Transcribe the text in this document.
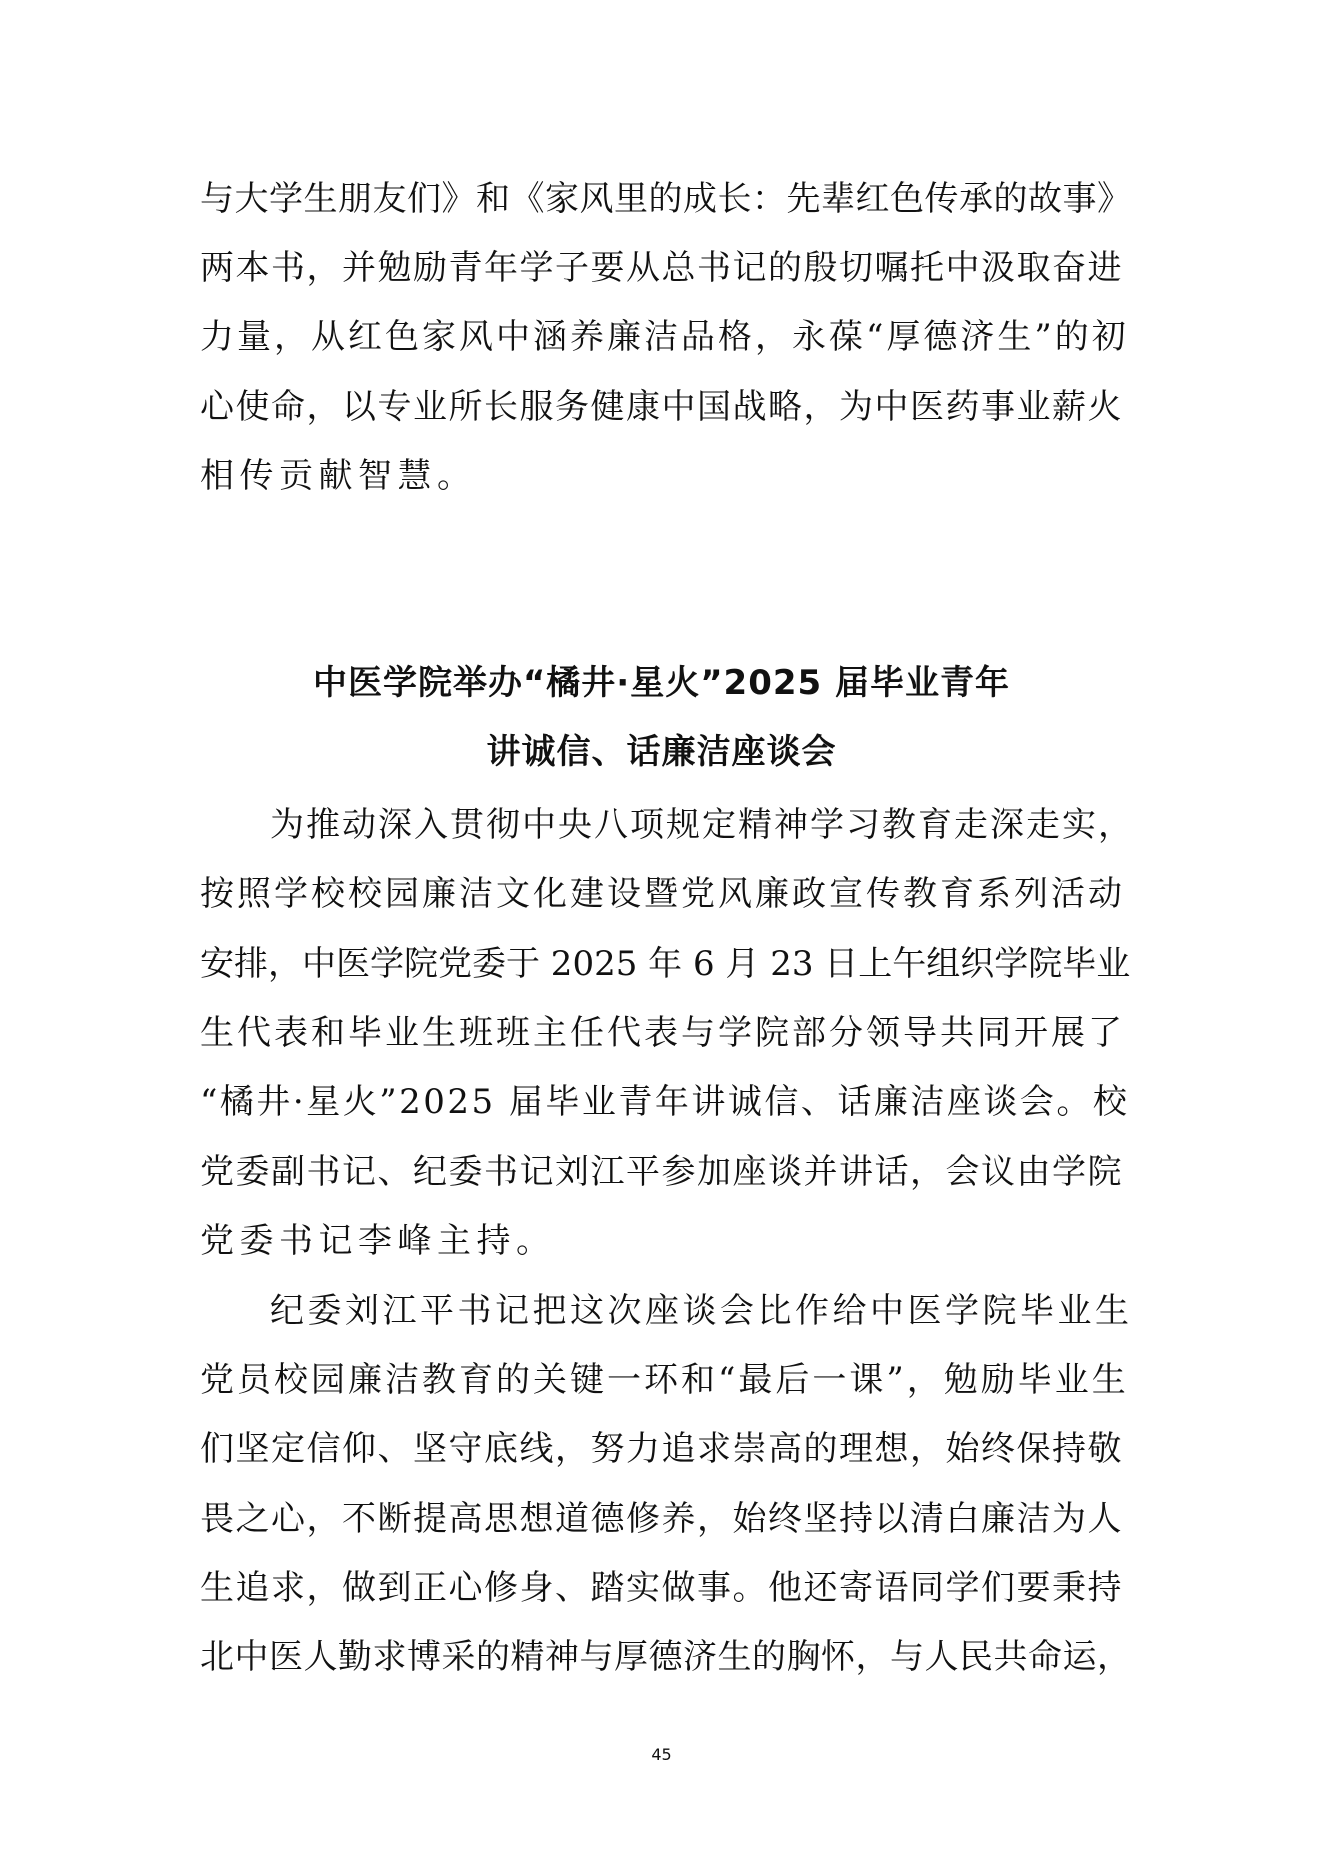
与大学生朋友们》和《家风里的成长：先辈红色传承的故事》

两本书，并勉励青年学子要从总书记的殷切嘱托中汲取奋进

力量，从红色家风中涵养廉洁品格，永葆“厚德济生”的初

心使命，以专业所长服务健康中国战略，为中医药事业薪火

相传贡献智慧。

中医学院举办“橘井·星火”2025 届毕业青年
讲诚信、话廉洁座谈会

为推动深入贯彻中央八项规定精神学习教育走深走实，

按照学校校园廉洁文化建设暨党风廉政宣传教育系列活动

安排，中医学院党委于 2025 年 6 月 23 日上午组织学院毕业

生代表和毕业生班班主任代表与学院部分领导共同开展了

“橘井·星火”2025 届毕业青年讲诚信、话廉洁座谈会。校

党委副书记、纪委书记刘江平参加座谈并讲话，会议由学院

党委书记李峰主持。

纪委刘江平书记把这次座谈会比作给中医学院毕业生

党员校园廉洁教育的关键一环和“最后一课”，勉励毕业生

们坚定信仰、坚守底线，努力追求崇高的理想，始终保持敬

畏之心，不断提高思想道德修养，始终坚持以清白廉洁为人

生追求，做到正心修身、踏实做事。他还寄语同学们要秉持

北中医人勤求博采的精神与厚德济生的胸怀，与人民共命运，

45
